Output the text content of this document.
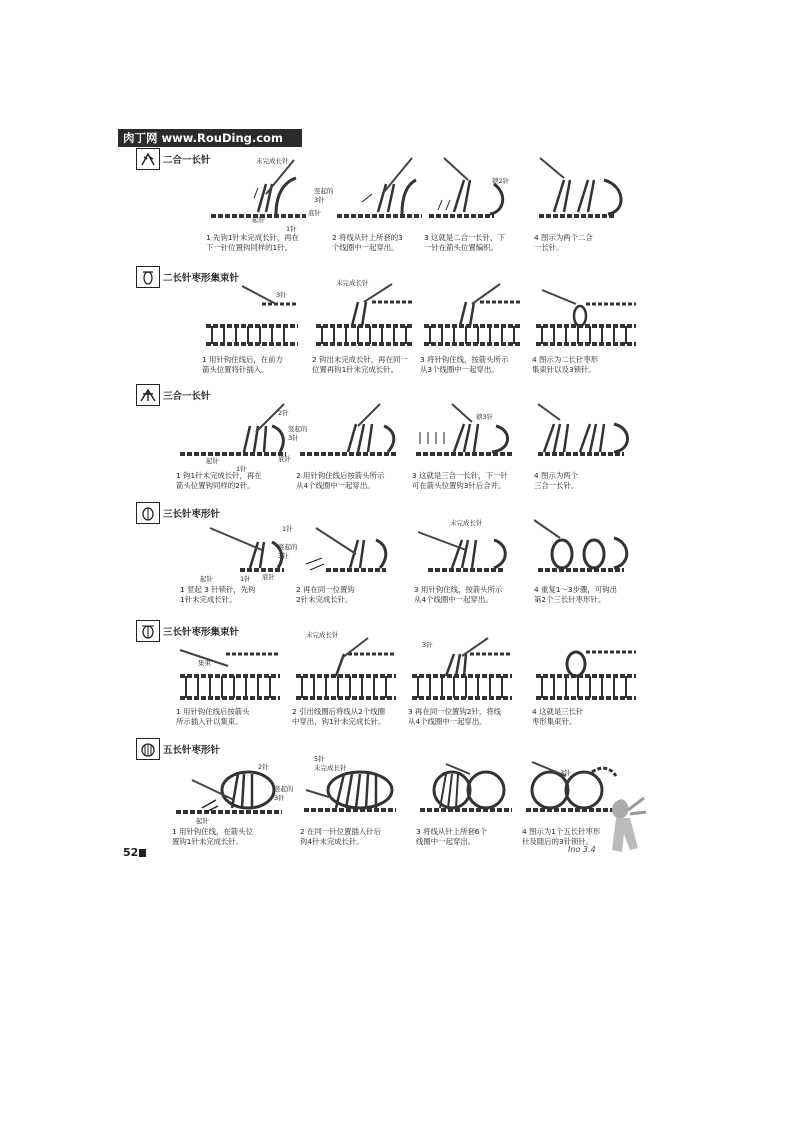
肉丁网 www.RouDing.com
二合一长针	未完成长针
竖起的
3针
底针
起针
1针
锁2针
1 先钩1针未完成长针，再在
下一针位置钩同样的1针。
2 将线从针上所套的3
个线圈中一起穿出。
3 这就是二合一长针，下
一针在箭头位置编织。
4 图示为两个二合
一长针。
二长针枣形集束针
3针
未完成长针
1 用针钩住线后，在前方
箭头位置将针插入。
2 钩出未完成长针，再在同一
位置再钩1针未完成长针。
3 将针钩住线，按箭头所示
从3个线圈中一起穿出。
4 图示为二长针枣形
集束针以及3锁针。
三合一长针
2针
竖起的
3针
起针
1针
底针
锁3针
1 钩1针未完成长针，再在
箭头位置钩同样的2针。
2 用针钩住线后按箭头所示
从4个线圈中一起穿出。
3 这就是三合一长针，下一针
可在箭头位置钩3针后合并。
4 图示为两个
三合一长针。
三长针枣形针
1针
竖起的
3针
底针
起针	1针
未完成长针
1 竖起 3 针锁针，先钩
1针未完成长针。
2 再在同一位置钩
2针未完成长针。
3 用针钩住线，按箭头所示
从4个线圈中一起穿出。
4 重复1～3步骤，可钩出
第2个三长针枣形针。
三长针枣形集束针
集束
未完成长针
3针
1 用针钩住线后按箭头
所示插入针以集束。
2 引出线圈后将线从2个线圈
中穿出，钩1针未完成长针。
3 再在同一位置钩2针，将线
从4个线圈中一起穿出。
4 这就是三长针
枣形集束针。
五长针枣形针
2针
竖起的
3针
起针
5针
未完成长针
3针
1 用针钩住线，在箭头位
置钩1针未完成长针。
2 在同一针位置插入针后
钩4针未完成长针。
3 将线从针上所套6个
线圈中一起穿出。
4 图示为1个五长针枣形
针及随后的3针锁针。
Ino 3.4
52
